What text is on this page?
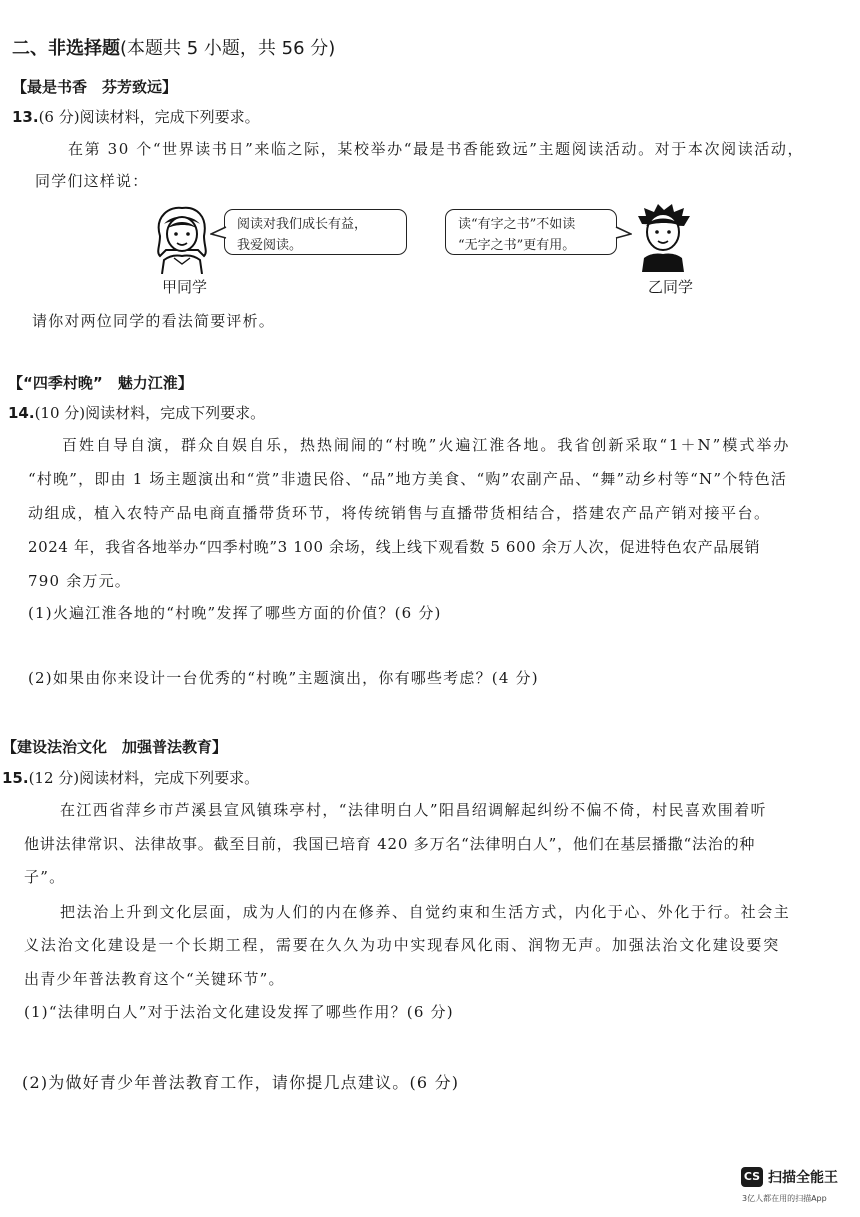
二、非选择题(本题共 5 小题，共 56 分)
【最是书香　芬芳致远】
13.(6 分)阅读材料，完成下列要求。
在第 30 个“世界读书日”来临之际，某校举办“最是书香能致远”主题阅读活动。对于本次阅读活动，
同学们这样说：
阅读对我们成长有益，
我爱阅读。
甲同学
读“有字之书”不如读
“无字之书”更有用。
乙同学
请你对两位同学的看法简要评析。
【“四季村晚”　魅力江淮】
14.(10 分)阅读材料，完成下列要求。
百姓自导自演，群众自娱自乐，热热闹闹的“村晚”火遍江淮各地。我省创新采取“1＋N”模式举办
“村晚”，即由 1 场主题演出和“赏”非遗民俗、“品”地方美食、“购”农副产品、“舞”动乡村等“N”个特色活
动组成，植入农特产品电商直播带货环节，将传统销售与直播带货相结合，搭建农产品产销对接平台。
2024 年，我省各地举办“四季村晚”3 100 余场，线上线下观看数 5 600 余万人次，促进特色农产品展销
790 余万元。
(1)火遍江淮各地的“村晚”发挥了哪些方面的价值？(6 分)
(2)如果由你来设计一台优秀的“村晚”主题演出，你有哪些考虑？(4 分)
【建设法治文化　加强普法教育】
15.(12 分)阅读材料，完成下列要求。
在江西省萍乡市芦溪县宣风镇珠亭村，“法律明白人”阳昌绍调解起纠纷不偏不倚，村民喜欢围着听
他讲法律常识、法律故事。截至目前，我国已培育 420 多万名“法律明白人”，他们在基层播撒“法治的种
子”。
把法治上升到文化层面，成为人们的内在修养、自觉约束和生活方式，内化于心、外化于行。社会主
义法治文化建设是一个长期工程，需要在久久为功中实现春风化雨、润物无声。加强法治文化建设要突
出青少年普法教育这个“关键环节”。
(1)“法律明白人”对于法治文化建设发挥了哪些作用？(6 分)
(2)为做好青少年普法教育工作，请你提几点建议。(6 分)
CS 扫描全能王
3亿人都在用的扫描App
